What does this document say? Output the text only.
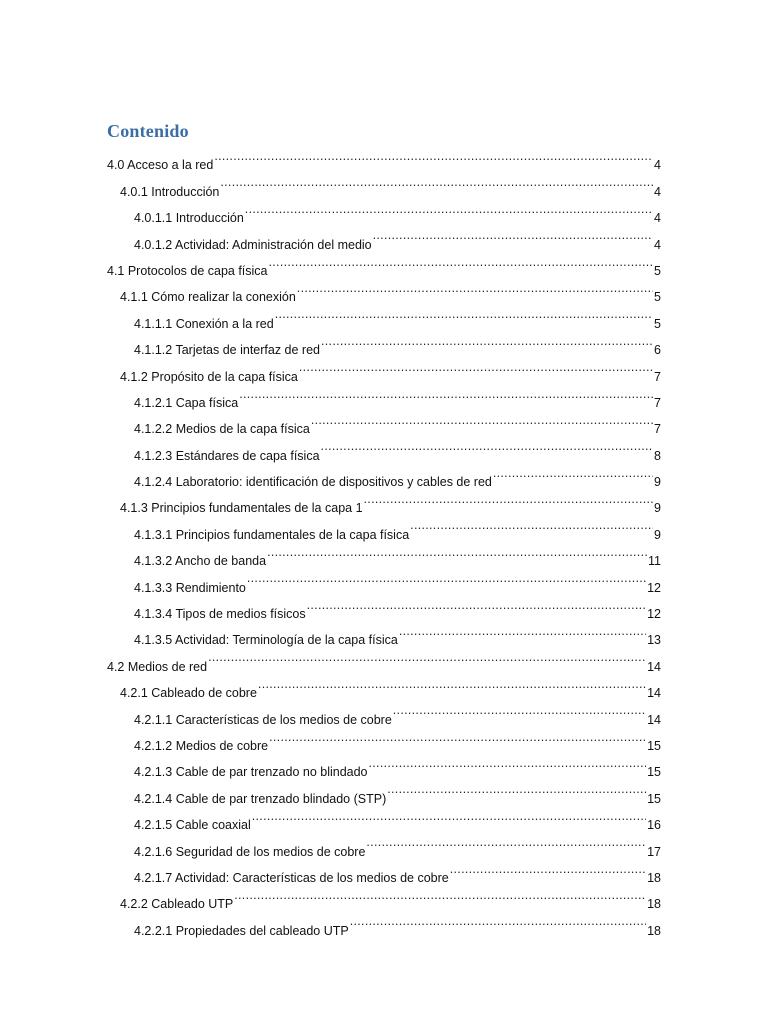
Contenido
4.0 Acceso a la red .....	4
4.0.1 Introducción .....	4
4.0.1.1 Introducción .....	4
4.0.1.2 Actividad: Administración del medio .....	4
4.1 Protocolos de capa física .....	5
4.1.1 Cómo realizar la conexión .....	5
4.1.1.1 Conexión a la red .....	5
4.1.1.2 Tarjetas de interfaz de red .....	6
4.1.2 Propósito de la capa física .....	7
4.1.2.1 Capa física .....	7
4.1.2.2 Medios de la capa física .....	7
4.1.2.3 Estándares de capa física .....	8
4.1.2.4 Laboratorio: identificación de dispositivos y cables de red .....	9
4.1.3 Principios fundamentales de la capa 1 .....	9
4.1.3.1 Principios fundamentales de la capa física .....	9
4.1.3.2 Ancho de banda .....	11
4.1.3.3 Rendimiento .....	12
4.1.3.4 Tipos de medios físicos .....	12
4.1.3.5 Actividad: Terminología de la capa física .....	13
4.2 Medios de red .....	14
4.2.1 Cableado de cobre .....	14
4.2.1.1 Características de los medios de cobre .....	14
4.2.1.2 Medios de cobre .....	15
4.2.1.3 Cable de par trenzado no blindado .....	15
4.2.1.4 Cable de par trenzado blindado (STP) .....	15
4.2.1.5 Cable coaxial .....	16
4.2.1.6 Seguridad de los medios de cobre .....	17
4.2.1.7 Actividad: Características de los medios de cobre .....	18
4.2.2 Cableado UTP .....	18
4.2.2.1 Propiedades del cableado UTP .....	18
